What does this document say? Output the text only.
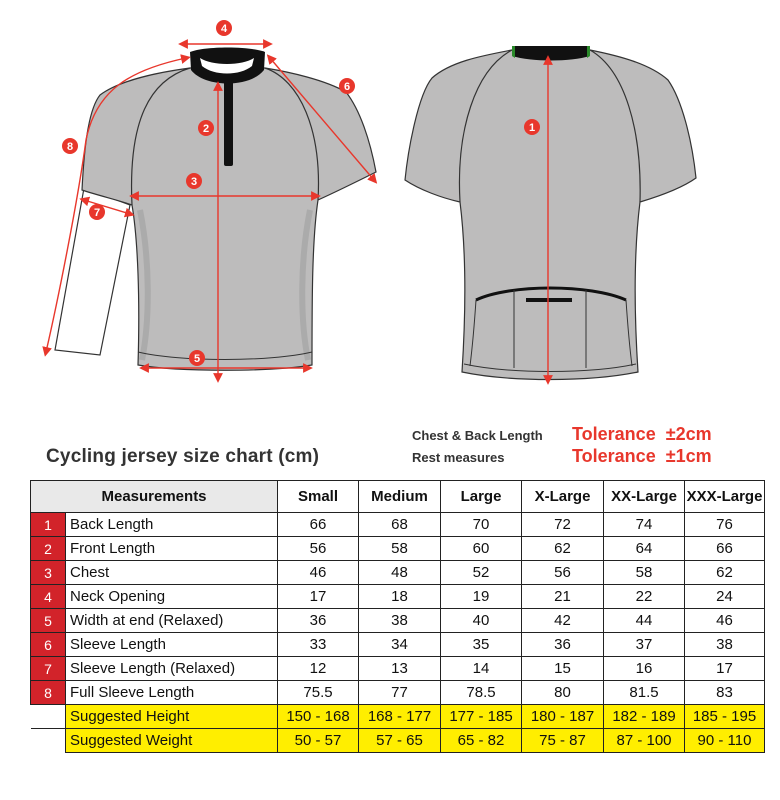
4
2
3
5
6
7
8
1
Chest & Back Length Tolerance  ±2cm
Rest measures	Tolerance  ±1cm
Cycling jersey size chart (cm)
Measurements		Small	Medium	Large	X-Large	XX-Large	XXX-Large
1	Back Length	66	68	70	72	74	76
2	Front Length	56	58	60	62	64	66
3	Chest	46	48	52	56	58	62
4	Neck Opening	17	18	19	21	22	24
5	Width at end (Relaxed)	36	38	40	42	44	46
6	Sleeve Length	33	34	35	36	37	38
7	Sleeve Length (Relaxed)	12	13	14	15	16	17
8	Full Sleeve Length	75.5	77	78.5	80	81.5	83
	Suggested Height	150 - 168	168 - 177	177 - 185	180 - 187	182 - 189	185 - 195
	Suggested Weight	50 - 57	57 - 65	65 - 82	75 - 87	87 - 100	90 - 110
